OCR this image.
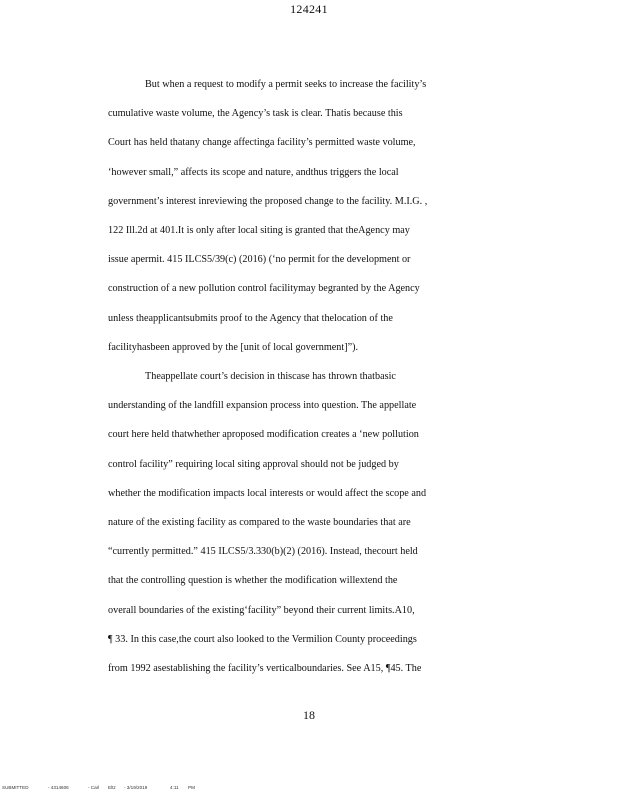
124241
But when a request to modify a permit seeks to increase the facility’s
cumulative waste volume, the Agency’s task is clear. Thatis because this
Court has held thatany change affectinga facility’s permitted waste volume,
‘however small,” affects its scope and nature, andthus triggers the local
government’s interest inreviewing the proposed change to the facility. M.I.G. ,
122 Ill.2d at 401.It is only after local siting is granted that theAgency may
issue apermit. 415 ILCS5/39(c) (2016) (‘no permit for the development or
construction of a new pollution control facilitymay begranted by the Agency
unless theapplicantsubmits proof to the Agency that thelocation of the
facilityhasbeen approved by the [unit of local government]”).
Theappellate court’s decision in thiscase has thrown thatbasic
understanding of the landfill expansion process into question. The appellate
court here held thatwhether aproposed modification creates a ‘new pollution
control facility” requiring local siting approval should not be judged by
whether the modification impacts local interests or would affect the scope and
nature of the existing facility as compared to the waste boundaries that are
“currently permitted.” 415 ILCS5/3.330(b)(2) (2016). Instead, thecourt held
that the controlling question is whether the modification willextend the
overall boundaries of the existing‘facility” beyond their current limits.A10,
¶ 33. In this case,the court also looked to the Vermilion County proceedings
from 1992 asestablishing the facility’s verticalboundaries. See A15, ¶45. The
18
SUBMITTED	- 4314606	- Carl Eltz - 3/19/2019	4:11 PM
